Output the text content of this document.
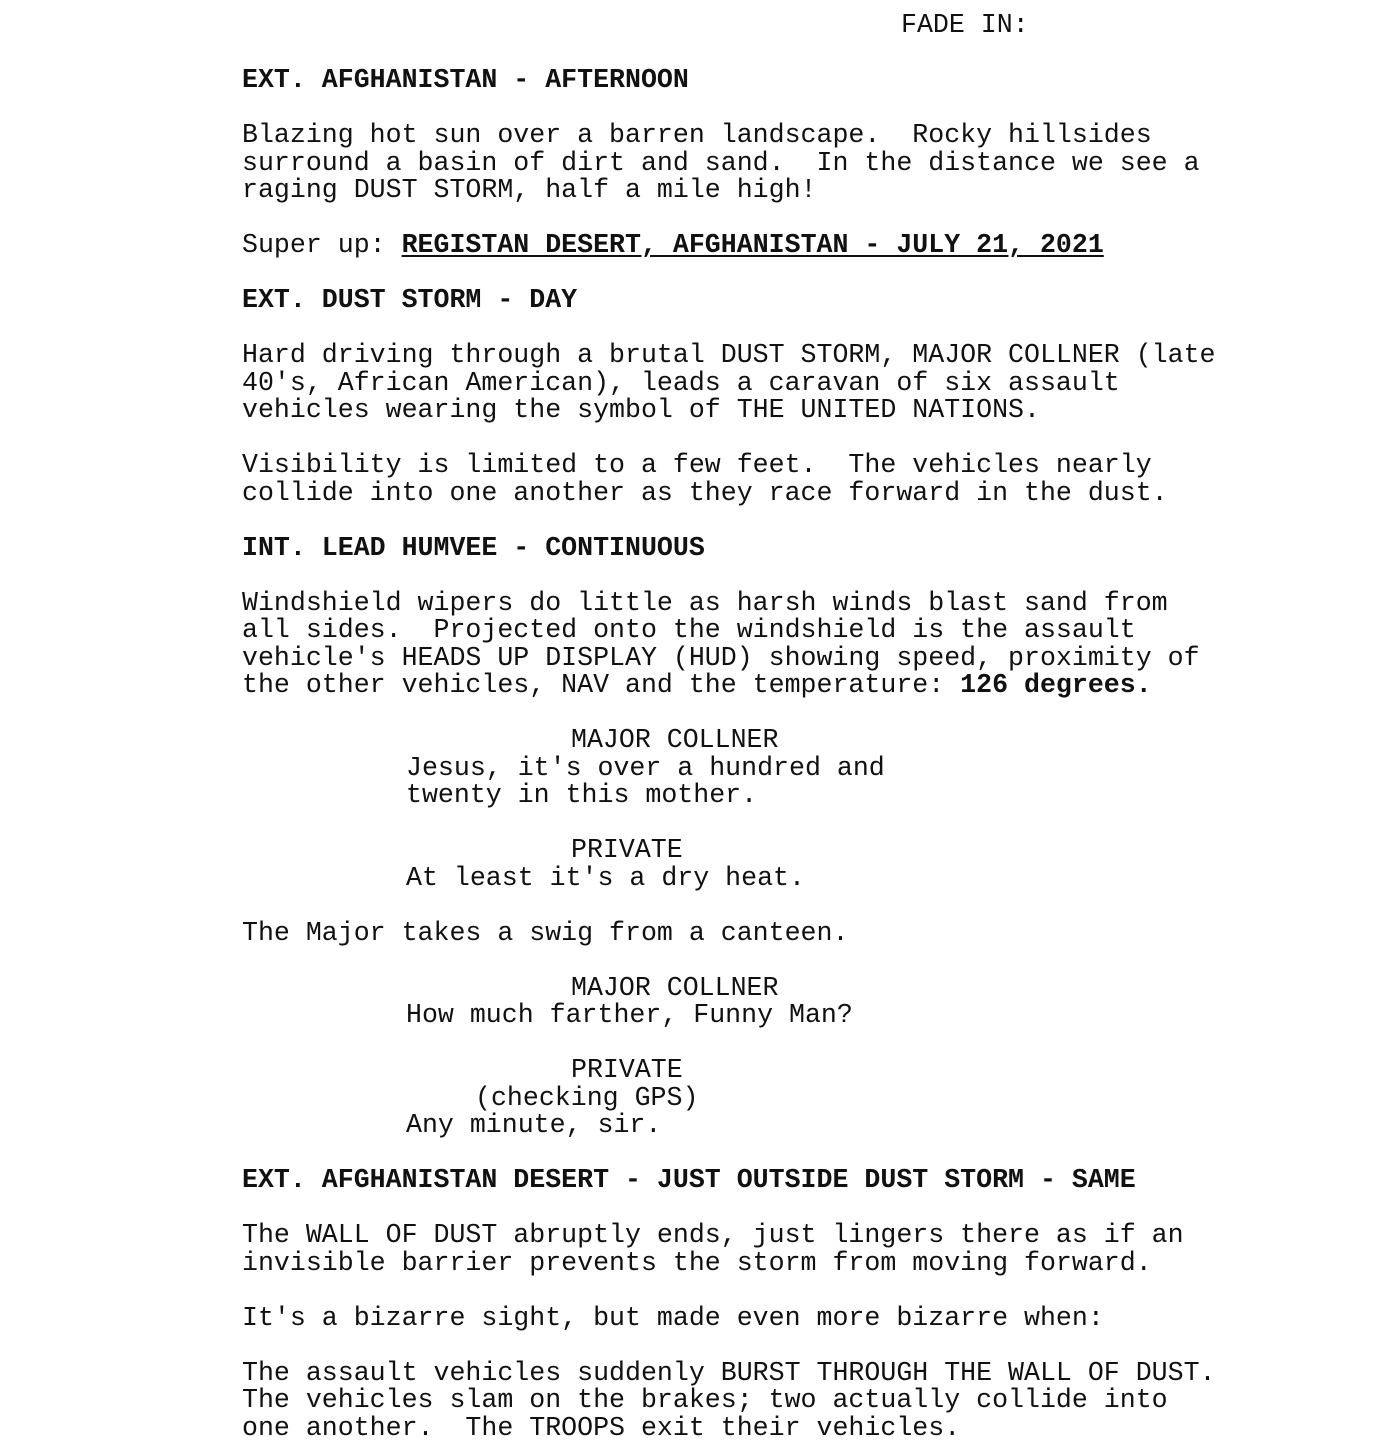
FADE IN:
EXT. AFGHANISTAN - AFTERNOON
Blazing hot sun over a barren landscape.  Rocky hillsides
surround a basin of dirt and sand.  In the distance we see a
raging DUST STORM, half a mile high!
Super up: REGISTAN DESERT, AFGHANISTAN - JULY 21, 2021
EXT. DUST STORM - DAY
Hard driving through a brutal DUST STORM, MAJOR COLLNER (late
40's, African American), leads a caravan of six assault
vehicles wearing the symbol of THE UNITED NATIONS.
Visibility is limited to a few feet.  The vehicles nearly
collide into one another as they race forward in the dust.
INT. LEAD HUMVEE - CONTINUOUS
Windshield wipers do little as harsh winds blast sand from
all sides.  Projected onto the windshield is the assault
vehicle's HEADS UP DISPLAY (HUD) showing speed, proximity of
the other vehicles, NAV and the temperature: 126 degrees.
MAJOR COLLNER
Jesus, it's over a hundred and
twenty in this mother.
PRIVATE
At least it's a dry heat.
The Major takes a swig from a canteen.
MAJOR COLLNER
How much farther, Funny Man?
PRIVATE
(checking GPS)
Any minute, sir.
EXT. AFGHANISTAN DESERT - JUST OUTSIDE DUST STORM - SAME
The WALL OF DUST abruptly ends, just lingers there as if an
invisible barrier prevents the storm from moving forward.
It's a bizarre sight, but made even more bizarre when:
The assault vehicles suddenly BURST THROUGH THE WALL OF DUST.
The vehicles slam on the brakes; two actually collide into
one another.  The TROOPS exit their vehicles.
